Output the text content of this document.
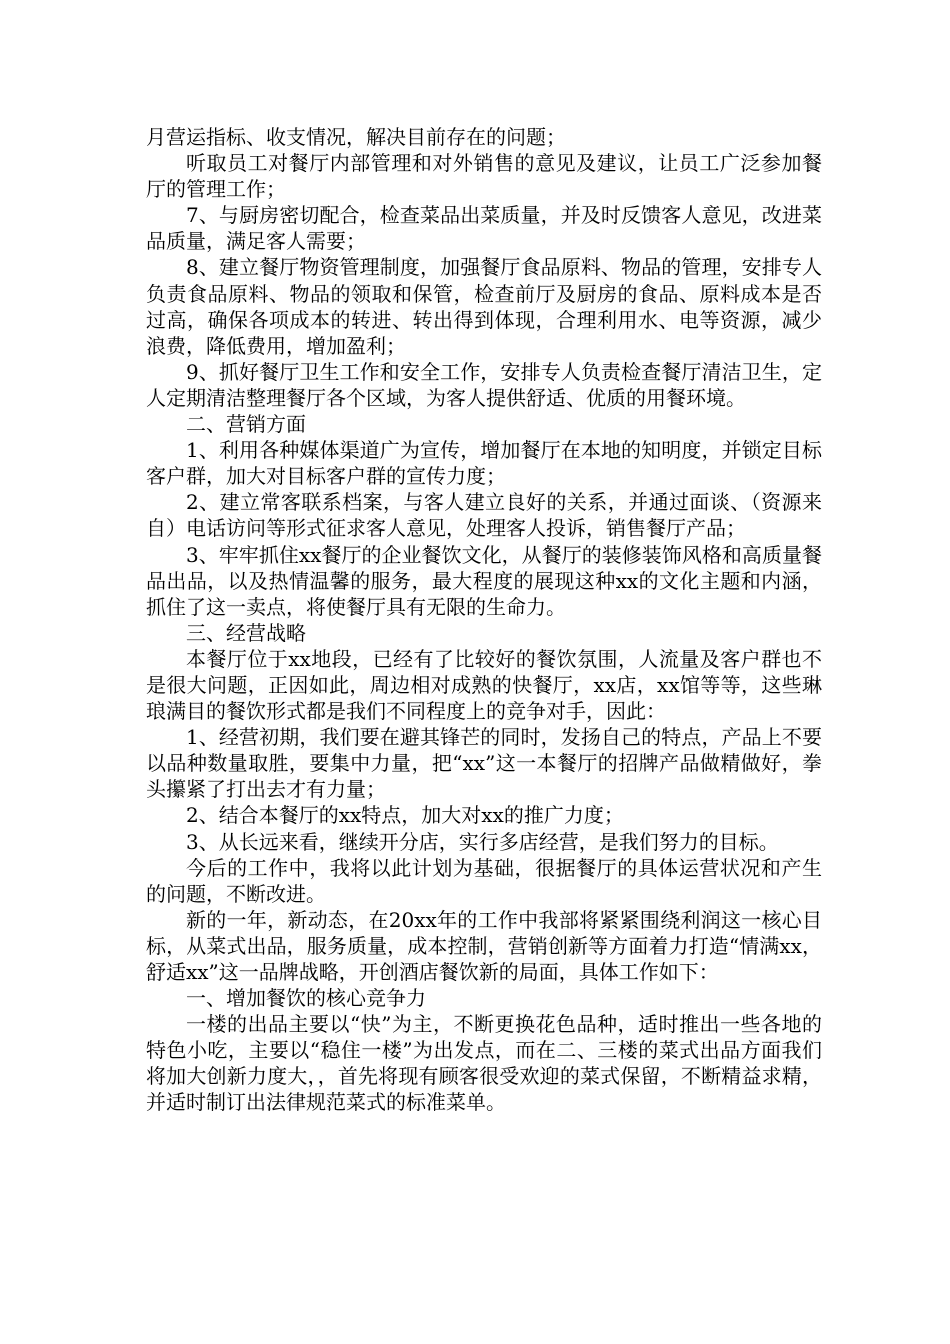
月营运指标、收支情况，解决目前存在的问题；

听取员工对餐厅内部管理和对外销售的意见及建议，让员工广泛参加餐厅的管理工作；

7、与厨房密切配合，检查菜品出菜质量，并及时反馈客人意见，改进菜品质量，满足客人需要；

8、建立餐厅物资管理制度，加强餐厅食品原料、物品的管理，安排专人负责食品原料、物品的领取和保管，检查前厅及厨房的食品、原料成本是否过高，确保各项成本的转进、转出得到体现，合理利用水、电等资源，减少浪费，降低费用，增加盈利；

9、抓好餐厅卫生工作和安全工作，安排专人负责检查餐厅清洁卫生，定人定期清洁整理餐厅各个区域，为客人提供舒适、优质的用餐环境。

二、营销方面

1、利用各种媒体渠道广为宣传，增加餐厅在本地的知明度，并锁定目标客户群，加大对目标客户群的宣传力度；

2、建立常客联系档案，与客人建立良好的关系，并通过面谈、（资源来自）电话访问等形式征求客人意见，处理客人投诉，销售餐厅产品；

3、牢牢抓住xx餐厅的企业餐饮文化，从餐厅的装修装饰风格和高质量餐品出品，以及热情温馨的服务，最大程度的展现这种xx的文化主题和内涵，抓住了这一卖点，将使餐厅具有无限的生命力。

三、经营战略

本餐厅位于xx地段，已经有了比较好的餐饮氛围，人流量及客户群也不是很大问题，正因如此，周边相对成熟的快餐厅，xx店，xx馆等等，这些琳琅满目的餐饮形式都是我们不同程度上的竞争对手，因此：

1、经营初期，我们要在避其锋芒的同时，发扬自己的特点，产品上不要以品种数量取胜，要集中力量，把“xx”这一本餐厅的招牌产品做精做好，拳头攥紧了打出去才有力量；

2、结合本餐厅的xx特点，加大对xx的推广力度；

3、从长远来看，继续开分店，实行多店经营，是我们努力的目标。

今后的工作中，我将以此计划为基础，很据餐厅的具体运营状况和产生的问题，不断改进。

新的一年，新动态，在20xx年的工作中我部将紧紧围绕利润这一核心目标，从菜式出品，服务质量，成本控制，营销创新等方面着力打造“情满xx，舒适xx”这一品牌战略，开创酒店餐饮新的局面，具体工作如下：

一、增加餐饮的核心竞争力

一楼的出品主要以“快”为主，不断更换花色品种，适时推出一些各地的特色小吃，主要以“稳住一楼”为出发点，而在二、三楼的菜式出品方面我们将加大创新力度大，，首先将现有顾客很受欢迎的菜式保留，不断精益求精，并适时制订出法律规范菜式的标准菜单。
